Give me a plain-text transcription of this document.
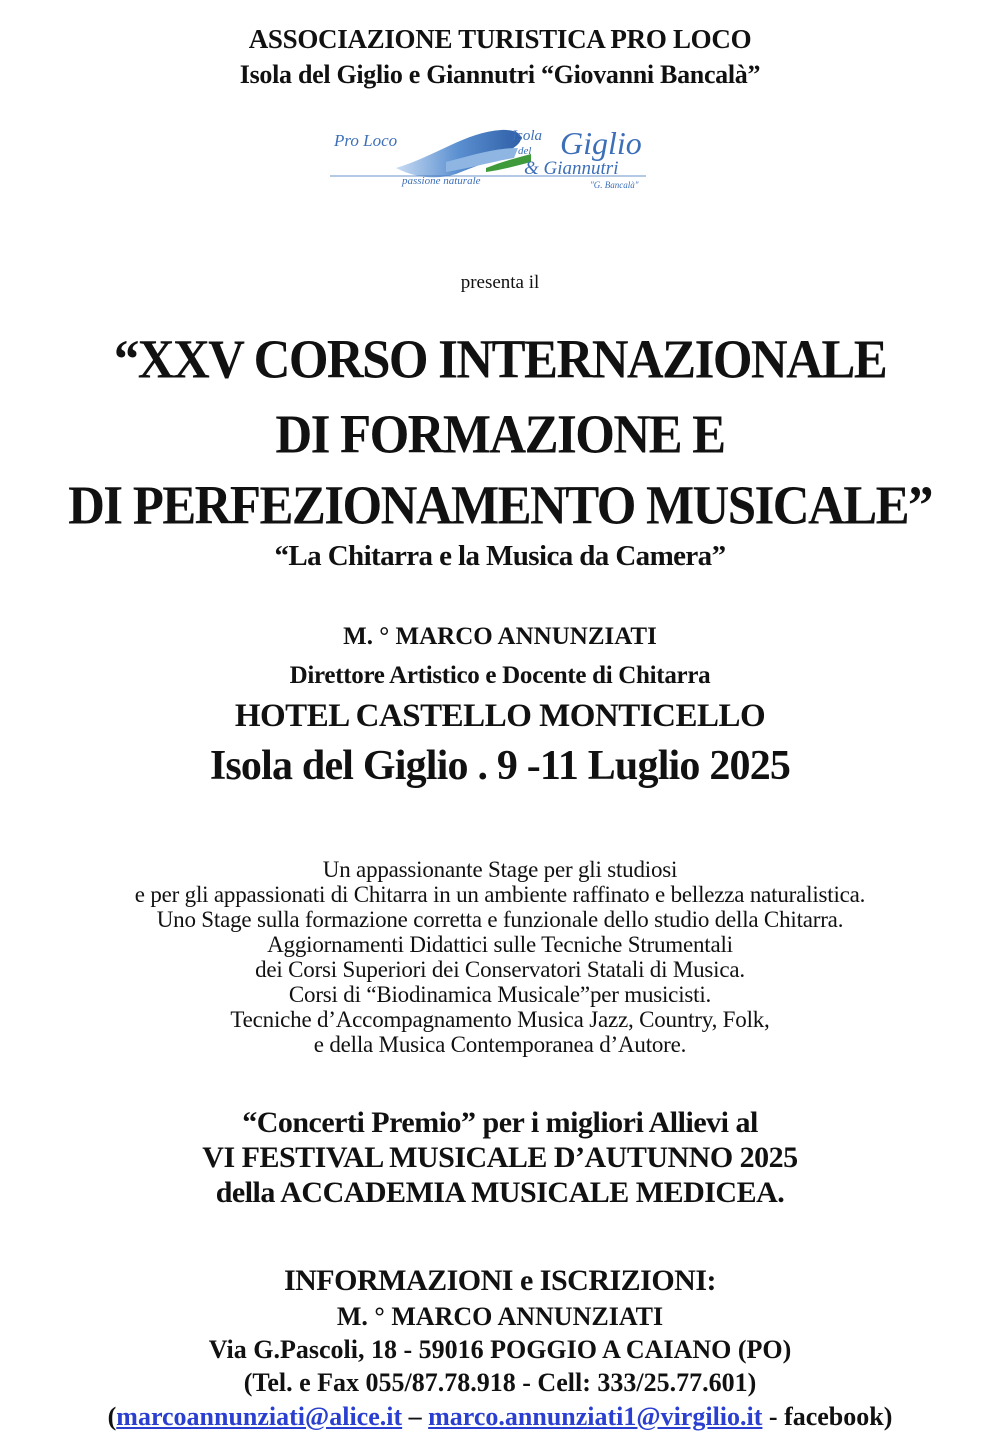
ASSOCIAZIONE TURISTICA PRO LOCO
Isola del Giglio e Giannutri “Giovanni Bancalà”
Pro Loco	Isola
del Giglio
& Giannutri
passione naturale	"G. Bancalà"
presenta il
“XXV CORSO INTERNAZIONALE
DI FORMAZIONE E
DI PERFEZIONAMENTO MUSICALE”
“La Chitarra e la Musica da Camera”
M. ° MARCO ANNUNZIATI
Direttore Artistico e Docente di Chitarra
HOTEL CASTELLO MONTICELLO
Isola del Giglio . 9 -11 Luglio 2025
Un appassionante Stage per gli studiosi
e per gli appassionati di Chitarra in un ambiente raffinato e bellezza naturalistica.
Uno Stage sulla formazione corretta e funzionale dello studio della Chitarra.
Aggiornamenti Didattici sulle Tecniche Strumentali
dei Corsi Superiori dei Conservatori Statali di Musica.
Corsi di “Biodinamica Musicale”per musicisti.
Tecniche d’Accompagnamento Musica Jazz, Country, Folk,
e della Musica Contemporanea d’Autore.
“Concerti Premio” per i migliori Allievi al
VI FESTIVAL MUSICALE D’AUTUNNO 2025
della ACCADEMIA MUSICALE MEDICEA.
INFORMAZIONI e ISCRIZIONI:
M. ° MARCO ANNUNZIATI
Via G.Pascoli, 18 - 59016 POGGIO A CAIANO (PO)
(Tel. e Fax 055/87.78.918 - Cell: 333/25.77.601)
(marcoannunziati@alice.it – marco.annunziati1@virgilio.it - facebook)
